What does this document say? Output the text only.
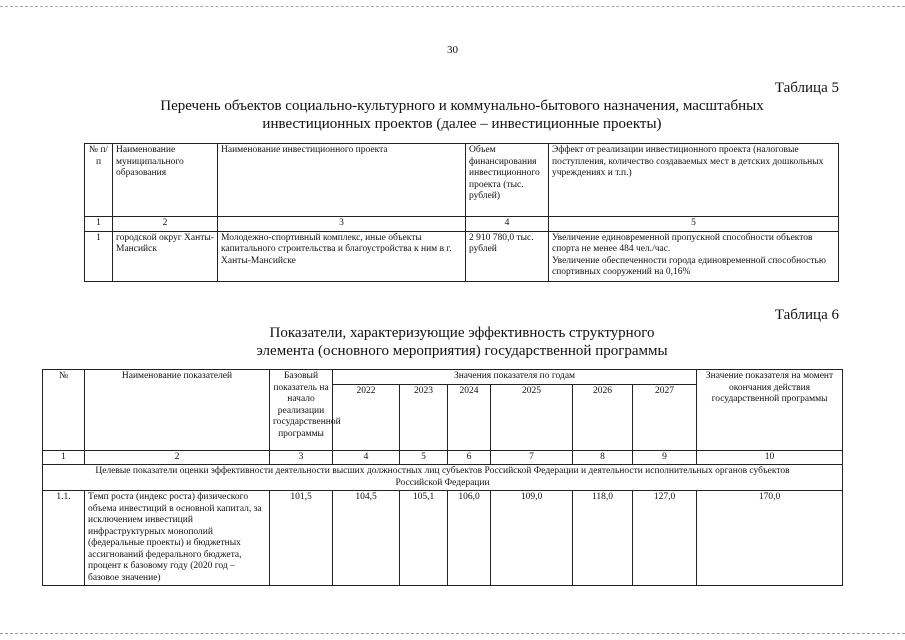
30
Таблица 5
Перечень объектов социально-культурного и коммунально-бытового назначения, масштабных
инвестиционных проектов (далее – инвестиционные проекты)
№ п/п	Наименование муниципального образования	Наименование инвестиционного проекта	Объем финансирования инвестиционного проекта (тыс. рублей)	Эффект от реализации инвестиционного проекта (налоговые поступления, количество создаваемых мест в детских дошкольных учреждениях и т.п.)
1	2	3	4	5
1	городской округ Ханты-Мансийск	Молодежно-спортивный комплекс, иные объекты капитального строительства и благоустройства к ним в г. Ханты-Мансийске	2 910 780,0 тыс. рублей	Увеличение единовременной пропускной способности объектов спорта не менее 484 чел./час.
Увеличение обеспеченности города единовременной способностью спортивных сооружений на 0,16%
Таблица 6
Показатели, характеризующие эффективность структурного
элемента (основного мероприятия) государственной программы
№	Наименование показателей	Базовый показатель на начало реализации государственной программы	Значения показателя по годам						Значение показателя на момент окончания действия государственной программы
			2022	2023	2024	2025	2026	2027	
1	2	3	4	5	6	7	8	9	10
Целевые показатели оценки эффективности деятельности высших должностных лиц субъектов Российской Федерации и деятельности исполнительных органов субъектов Российской Федерации									
1.1.	Темп роста (индекс роста) физического объема инвестиций в основной капитал, за исключением инвестиций инфраструктурных монополий (федеральные проекты) и бюджетных ассигнований федерального бюджета, процент к базовому году (2020 год – базовое значение)	101,5	104,5	105,1	106,0	109,0	118,0	127,0	170,0
